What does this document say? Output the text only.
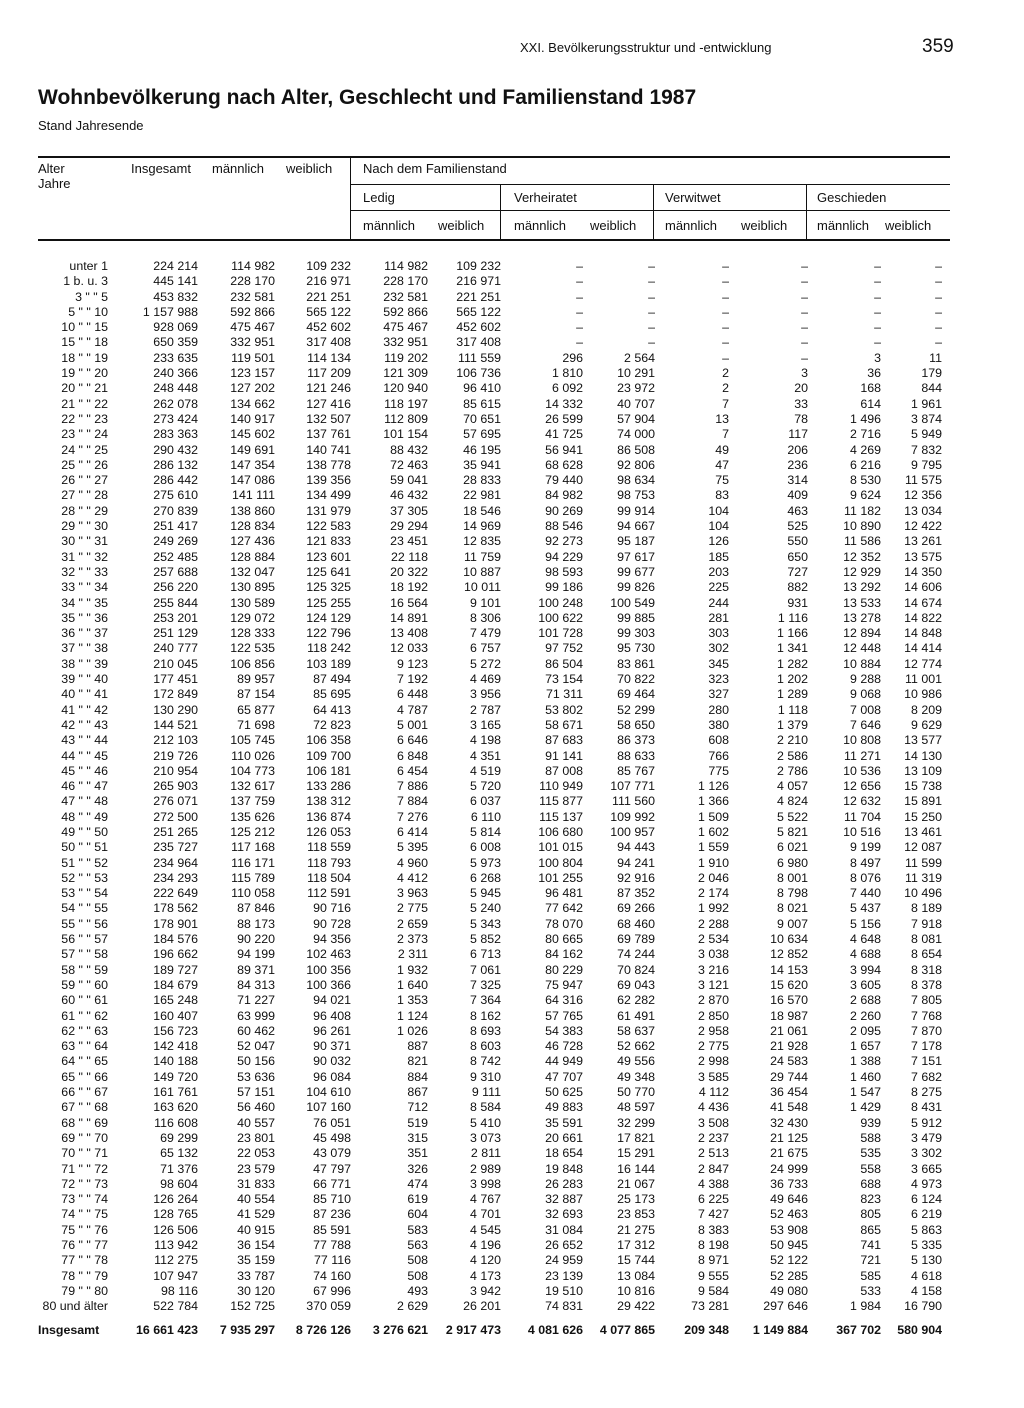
XXI. Bevölkerungsstruktur und -entwicklung	359
Wohnbevölkerung nach Alter, Geschlecht und Familienstand 1987
Stand Jahresende
Alter
Jahre
Insgesamt männlich weiblich Nach dem Familienstand
Ledig	Verheiratet	Verwitwet	Geschieden
männlich weiblich männlich weiblich männlich weiblich männlich weiblich
unter 1	224 214	114 982	109 232	114 982	109 232	–	–	–	–	–	–
1 b. u. 3	445 141	228 170	216 971	228 170	216 971	–	–	–	–	–	–
3 " " 5	453 832	232 581	221 251	232 581	221 251	–	–	–	–	–	–
5 " " 10	1 157 988	592 866	565 122	592 866	565 122	–	–	–	–	–	–
10 " " 15	928 069	475 467	452 602	475 467	452 602	–	–	–	–	–	–
15 " " 18	650 359	332 951	317 408	332 951	317 408	–	–	–	–	–	–
18 " " 19	233 635	119 501	114 134	119 202	111 559	296	2 564	–	–	3	11
19 " " 20	240 366	123 157	117 209	121 309	106 736	1 810	10 291	2	3	36	179
20 " " 21	248 448	127 202	121 246	120 940	96 410	6 092	23 972	2	20	168	844
21 " " 22	262 078	134 662	127 416	118 197	85 615	14 332	40 707	7	33	614	1 961
22 " " 23	273 424	140 917	132 507	112 809	70 651	26 599	57 904	13	78	1 496	3 874
23 " " 24	283 363	145 602	137 761	101 154	57 695	41 725	74 000	7	117	2 716	5 949
24 " " 25	290 432	149 691	140 741	88 432	46 195	56 941	86 508	49	206	4 269	7 832
25 " " 26	286 132	147 354	138 778	72 463	35 941	68 628	92 806	47	236	6 216	9 795
26 " " 27	286 442	147 086	139 356	59 041	28 833	79 440	98 634	75	314	8 530	11 575
27 " " 28	275 610	141 111	134 499	46 432	22 981	84 982	98 753	83	409	9 624	12 356
28 " " 29	270 839	138 860	131 979	37 305	18 546	90 269	99 914	104	463	11 182	13 034
29 " " 30	251 417	128 834	122 583	29 294	14 969	88 546	94 667	104	525	10 890	12 422
30 " " 31	249 269	127 436	121 833	23 451	12 835	92 273	95 187	126	550	11 586	13 261
31 " " 32	252 485	128 884	123 601	22 118	11 759	94 229	97 617	185	650	12 352	13 575
32 " " 33	257 688	132 047	125 641	20 322	10 887	98 593	99 677	203	727	12 929	14 350
33 " " 34	256 220	130 895	125 325	18 192	10 011	99 186	99 826	225	882	13 292	14 606
34 " " 35	255 844	130 589	125 255	16 564	9 101	100 248	100 549	244	931	13 533	14 674
35 " " 36	253 201	129 072	124 129	14 891	8 306	100 622	99 885	281	1 116	13 278	14 822
36 " " 37	251 129	128 333	122 796	13 408	7 479	101 728	99 303	303	1 166	12 894	14 848
37 " " 38	240 777	122 535	118 242	12 033	6 757	97 752	95 730	302	1 341	12 448	14 414
38 " " 39	210 045	106 856	103 189	9 123	5 272	86 504	83 861	345	1 282	10 884	12 774
39 " " 40	177 451	89 957	87 494	7 192	4 469	73 154	70 822	323	1 202	9 288	11 001
40 " " 41	172 849	87 154	85 695	6 448	3 956	71 311	69 464	327	1 289	9 068	10 986
41 " " 42	130 290	65 877	64 413	4 787	2 787	53 802	52 299	280	1 118	7 008	8 209
42 " " 43	144 521	71 698	72 823	5 001	3 165	58 671	58 650	380	1 379	7 646	9 629
43 " " 44	212 103	105 745	106 358	6 646	4 198	87 683	86 373	608	2 210	10 808	13 577
44 " " 45	219 726	110 026	109 700	6 848	4 351	91 141	88 633	766	2 586	11 271	14 130
45 " " 46	210 954	104 773	106 181	6 454	4 519	87 008	85 767	775	2 786	10 536	13 109
46 " " 47	265 903	132 617	133 286	7 886	5 720	110 949	107 771	1 126	4 057	12 656	15 738
47 " " 48	276 071	137 759	138 312	7 884	6 037	115 877	111 560	1 366	4 824	12 632	15 891
48 " " 49	272 500	135 626	136 874	7 276	6 110	115 137	109 992	1 509	5 522	11 704	15 250
49 " " 50	251 265	125 212	126 053	6 414	5 814	106 680	100 957	1 602	5 821	10 516	13 461
50 " " 51	235 727	117 168	118 559	5 395	6 008	101 015	94 443	1 559	6 021	9 199	12 087
51 " " 52	234 964	116 171	118 793	4 960	5 973	100 804	94 241	1 910	6 980	8 497	11 599
52 " " 53	234 293	115 789	118 504	4 412	6 268	101 255	92 916	2 046	8 001	8 076	11 319
53 " " 54	222 649	110 058	112 591	3 963	5 945	96 481	87 352	2 174	8 798	7 440	10 496
54 " " 55	178 562	87 846	90 716	2 775	5 240	77 642	69 266	1 992	8 021	5 437	8 189
55 " " 56	178 901	88 173	90 728	2 659	5 343	78 070	68 460	2 288	9 007	5 156	7 918
56 " " 57	184 576	90 220	94 356	2 373	5 852	80 665	69 789	2 534	10 634	4 648	8 081
57 " " 58	196 662	94 199	102 463	2 311	6 713	84 162	74 244	3 038	12 852	4 688	8 654
58 " " 59	189 727	89 371	100 356	1 932	7 061	80 229	70 824	3 216	14 153	3 994	8 318
59 " " 60	184 679	84 313	100 366	1 640	7 325	75 947	69 043	3 121	15 620	3 605	8 378
60 " " 61	165 248	71 227	94 021	1 353	7 364	64 316	62 282	2 870	16 570	2 688	7 805
61 " " 62	160 407	63 999	96 408	1 124	8 162	57 765	61 491	2 850	18 987	2 260	7 768
62 " " 63	156 723	60 462	96 261	1 026	8 693	54 383	58 637	2 958	21 061	2 095	7 870
63 " " 64	142 418	52 047	90 371	887	8 603	46 728	52 662	2 775	21 928	1 657	7 178
64 " " 65	140 188	50 156	90 032	821	8 742	44 949	49 556	2 998	24 583	1 388	7 151
65 " " 66	149 720	53 636	96 084	884	9 310	47 707	49 348	3 585	29 744	1 460	7 682
66 " " 67	161 761	57 151	104 610	867	9 111	50 625	50 770	4 112	36 454	1 547	8 275
67 " " 68	163 620	56 460	107 160	712	8 584	49 883	48 597	4 436	41 548	1 429	8 431
68 " " 69	116 608	40 557	76 051	519	5 410	35 591	32 299	3 508	32 430	939	5 912
69 " " 70	69 299	23 801	45 498	315	3 073	20 661	17 821	2 237	21 125	588	3 479
70 " " 71	65 132	22 053	43 079	351	2 811	18 654	15 291	2 513	21 675	535	3 302
71 " " 72	71 376	23 579	47 797	326	2 989	19 848	16 144	2 847	24 999	558	3 665
72 " " 73	98 604	31 833	66 771	474	3 998	26 283	21 067	4 388	36 733	688	4 973
73 " " 74	126 264	40 554	85 710	619	4 767	32 887	25 173	6 225	49 646	823	6 124
74 " " 75	128 765	41 529	87 236	604	4 701	32 693	23 853	7 427	52 463	805	6 219
75 " " 76	126 506	40 915	85 591	583	4 545	31 084	21 275	8 383	53 908	865	5 863
76 " " 77	113 942	36 154	77 788	563	4 196	26 652	17 312	8 198	50 945	741	5 335
77 " " 78	112 275	35 159	77 116	508	4 120	24 959	15 744	8 971	52 122	721	5 130
78 " " 79	107 947	33 787	74 160	508	4 173	23 139	13 084	9 555	52 285	585	4 618
79 " " 80	98 116	30 120	67 996	493	3 942	19 510	10 816	9 584	49 080	533	4 158
80 und älter	522 784	152 725	370 059	2 629	26 201	74 831	29 422	73 281	297 646	1 984	16 790

Insgesamt	16 661 423	7 935 297	8 726 126	3 276 621	2 917 473	4 081 626	4 077 865	209 348	1 149 884	367 702	580 904
